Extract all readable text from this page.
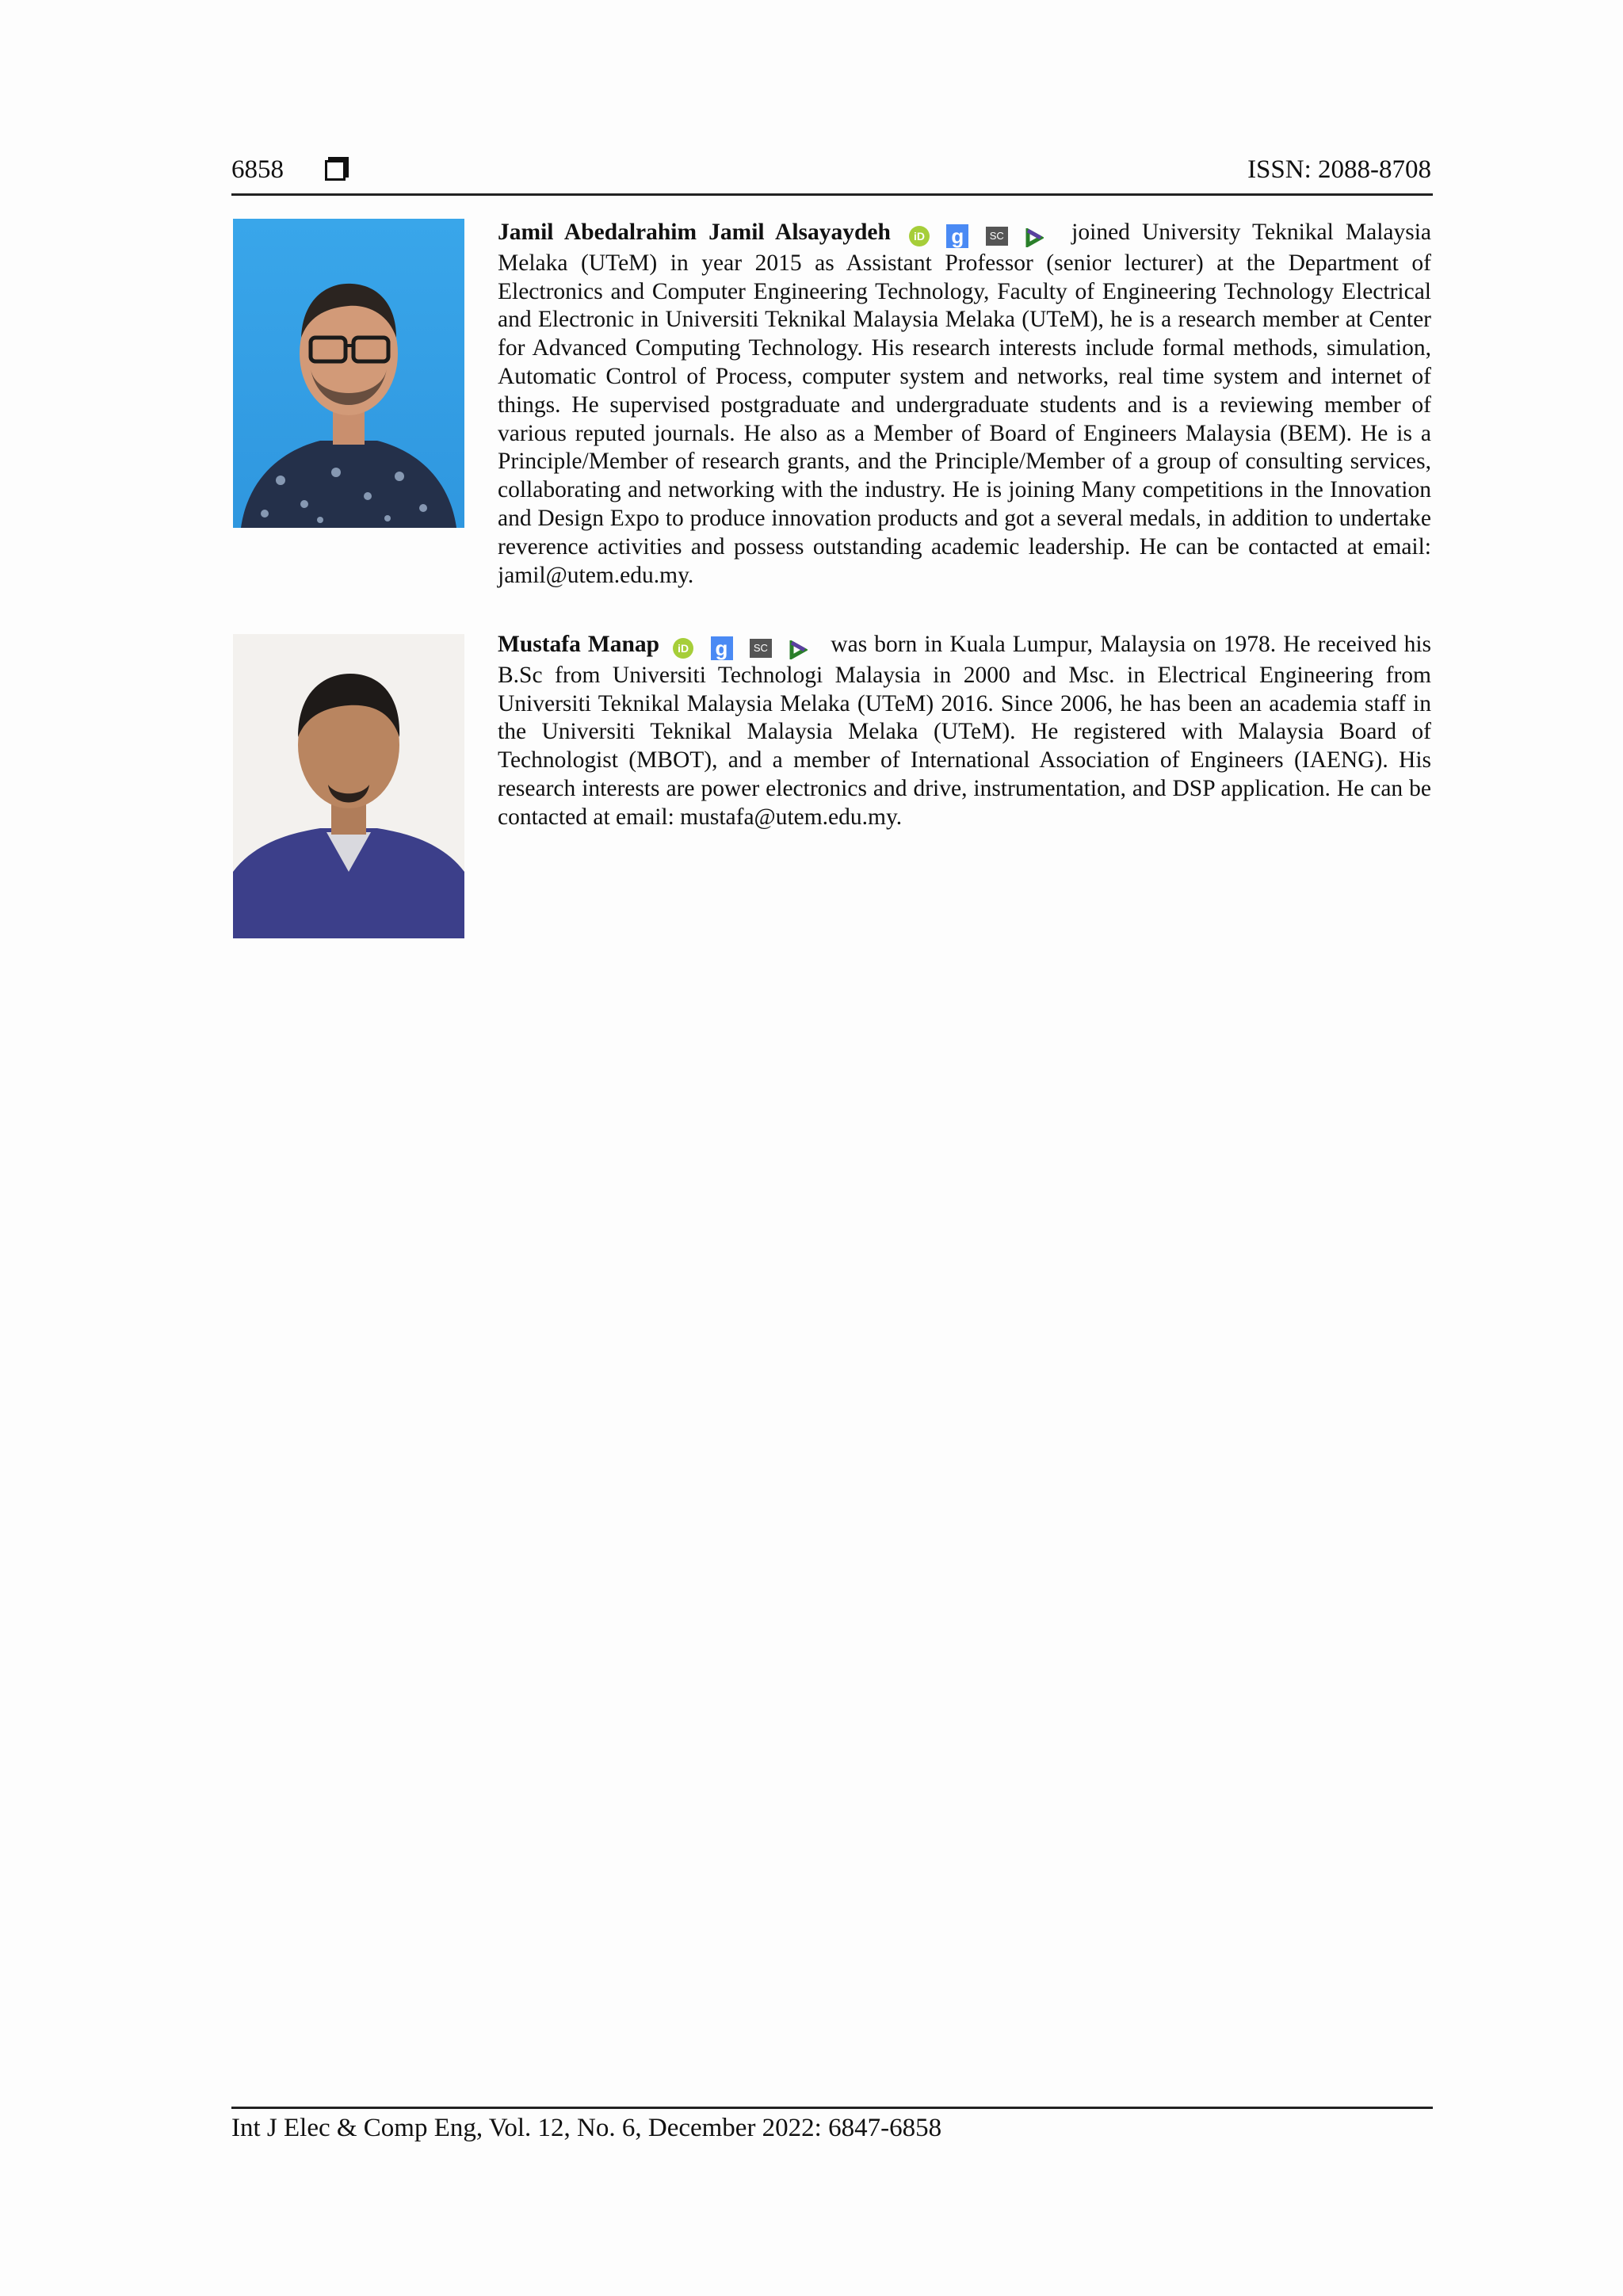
6858	ISSN: 2088-8708
Jamil Abedalrahim Jamil Alsayaydeh iD g	SC	joined University Teknikal Malaysia Melaka (UTeM) in year 2015 as Assistant Professor (senior lecturer) at the Department of Electronics and Computer Engineering Technology, Faculty of Engineering Technology Electrical and Electronic in Universiti Teknikal Malaysia Melaka (UTeM), he is a research member at Center for Advanced Computing Technology. His research interests include formal methods, simulation, Automatic Control of Process, computer system and networks, real time system and internet of things. He supervised postgraduate and undergraduate students and is a reviewing member of various reputed journals. He also as a Member of Board of Engineers Malaysia (BEM). He is a Principle/Member of research grants, and the Principle/Member of a group of consulting services, collaborating and networking with the industry. He is joining Many competitions in the Innovation and Design Expo to produce innovation products and got a several medals, in addition to undertake reverence activities and possess outstanding academic leadership. He can be contacted at email: jamil@utem.edu.my.
Mustafa Manap iD g	SC	was born in Kuala Lumpur, Malaysia on 1978. He received his B.Sc from Universiti Technologi Malaysia in 2000 and Msc. in Electrical Engineering from Universiti Teknikal Malaysia Melaka (UTeM) 2016. Since 2006, he has been an academia staff in the Universiti Teknikal Malaysia Melaka (UTeM). He registered with Malaysia Board of Technologist (MBOT), and a member of International Association of Engineers (IAENG). His research interests are power electronics and drive, instrumentation, and DSP application. He can be contacted at email: mustafa@utem.edu.my.
Int J Elec & Comp Eng, Vol. 12, No. 6, December 2022: 6847-6858
